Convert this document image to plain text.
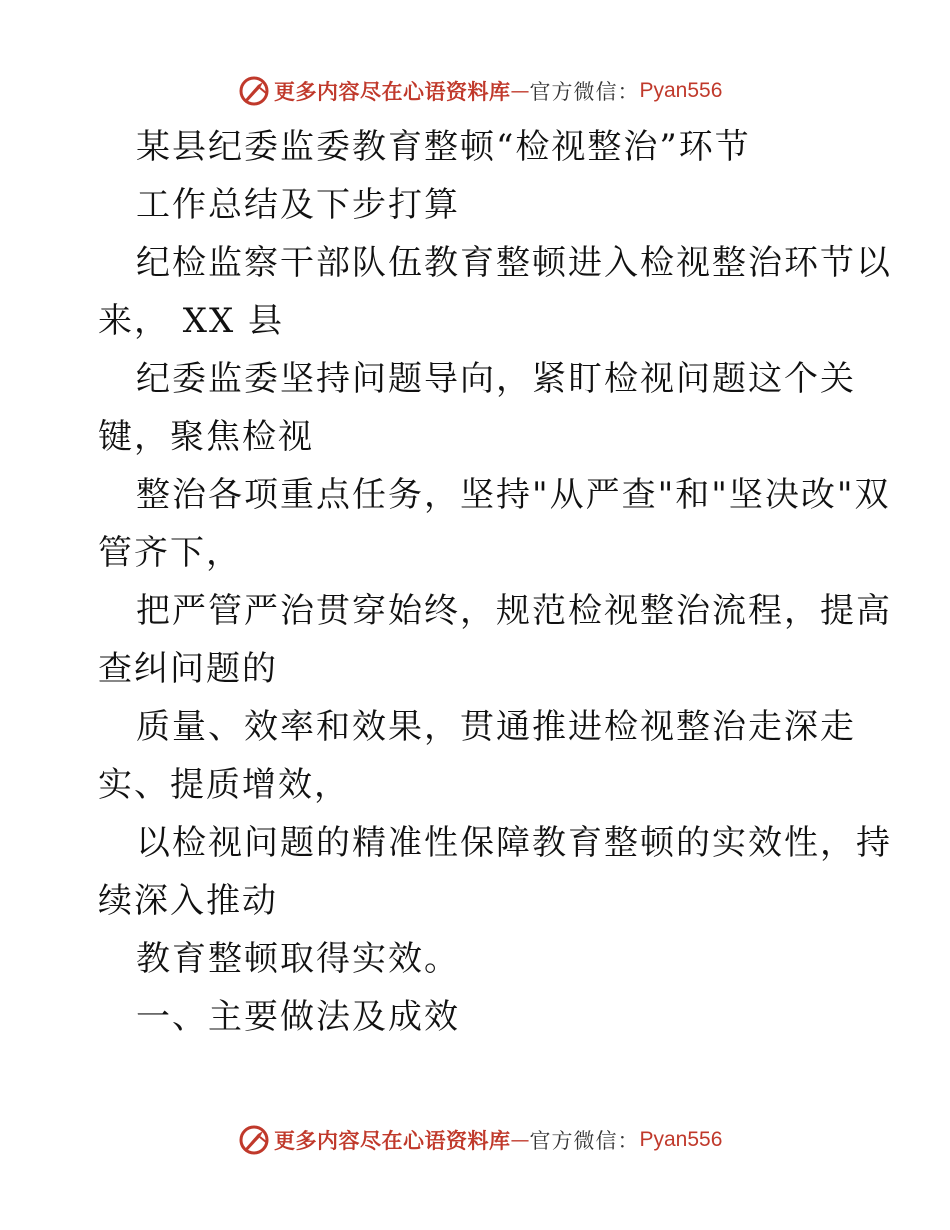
更多内容尽在心语资料库 — 官方微信： Pyan556
某县纪委监委教育整顿“检视整治”环节
工作总结及下步打算
纪检监察干部队伍教育整顿进入检视整治环节以
来， XX 县
纪委监委坚持问题导向，紧盯检视问题这个关
键，聚焦检视
整治各项重点任务，坚持"从严查"和"坚决改"双
管齐下，
把严管严治贯穿始终，规范检视整治流程，提高
查纠问题的
质量、效率和效果，贯通推进检视整治走深走
实、提质增效，
以检视问题的精准性保障教育整顿的实效性，持
续深入推动
教育整顿取得实效。
一、主要做法及成效
更多内容尽在心语资料库 — 官方微信： Pyan556
